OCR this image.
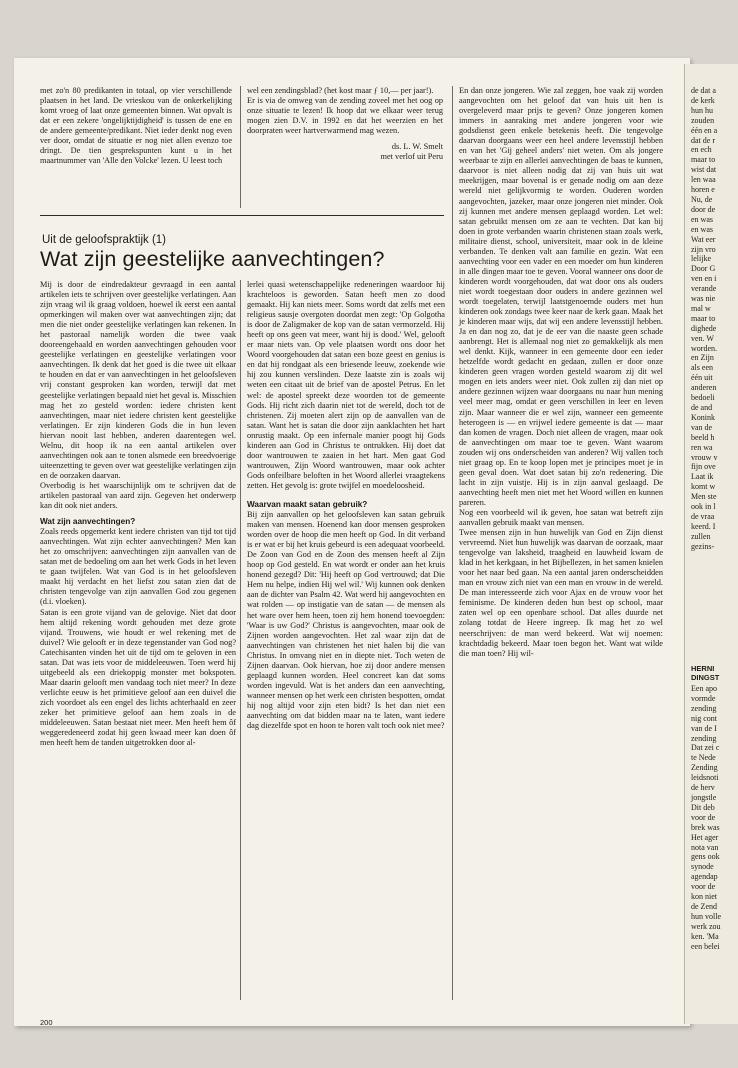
de dat a

de kerk

hun hu

zouden

één en a

dat de r

en ech

maar to

wist dat

len waa

horen e

Nu, de

door de

en was

en was

Wat eer

zijn vro

lelijke

Door G

ven en i

verande

was nie

mal w

maar to

dighede

ven. W

worden.

en Zijn

als een

één uit

anderen

bedoeli

de and

Konink

van de

beeld h

ren wa

vrouw v

fijn ove

Laat ik

komt w

Men ste

ook in l

de vraa

keerd. I

zullen

gezins-

HERNI DINGST

Een apo

vormde

zending

nig cont

van de I

zending

Dat zei c

te Nede

Zending

leidsnoti

de herv

jongstle

Dit deb

voor de

brek was

Het ager

nota van

gens ook

synode

agendap

voor de

kon niet

de Zend

hun volle

werk zou

ken. 'Ma

een belei

met zo'n 80 predikanten in totaal, op vier verschillende plaatsen in het land. De vrieskou van de onkerkelijking komt vroeg of laat onze gemeenten binnen. Wat opvalt is dat er een zekere 'ongelijktijdigheid' is tussen de ene en de andere gemeente/predikant. Niet ieder denkt nog even ver door, omdat de situatie er nog niet allen evenzo toe dringt. De tien gesprekspunten kunt u in het maartnummer van 'Alle den Volcke' lezen. U leest toch

wel een zendingsblad? (het kost maar ƒ 10,— per jaar!).

Er is via de omweg van de zending zoveel met het oog op onze situatie te lezen! Ik hoop dat we elkaar weer terug mogen zien D.V. in 1992 en dat het weerzien en het doorpraten weer hartverwarmend mag wezen.

ds. L. W. Smelt

met verlof uit Peru

Uit de geloofspraktijk (1)
Wat zijn geestelijke aanvechtingen?

Mij is door de eindredakteur gevraagd in een aantal artikelen iets te schrijven over geestelijke verlatingen. Aan zijn vraag wil ik graag voldoen, hoewel ik eerst een aantal opmerkingen wil maken over wat aanvechtingen zijn; dat men die niet onder geestelijke verlatingen kan rekenen. In het pastoraal namelijk worden die twee vaak dooreengehaald en worden aanvechtingen gehouden voor geestelijke verlatingen en geestelijke verlatingen voor aanvechtingen. Ik denk dat het goed is die twee uit elkaar te houden en dat er van aanvechtingen in het geloofsleven vrij constant gesproken kan worden, terwijl dat met geestelijke verlatingen bepaald niet het geval is. Misschien mag het zo gesteld worden: iedere christen kent aanvechtingen, maar niet iedere christen kent geestelijke verlatingen. Er zijn kinderen Gods die in hun leven hiervan nooit last hebben, anderen daarentegen wel. Welnu, dit hoop ik na een aantal artikelen over aanvechtingen ook aan te tonen alsmede een breedvoerige uiteenzetting te geven over wat geestelijke verlatingen zijn en de oorzaken daarvan.

Overbodig is het waarschijnlijk om te schrijven dat de artikelen pastoraal van aard zijn. Gegeven het onderwerp kan dit ook niet anders.

Wat zijn aanvechtingen?

Zoals reeds opgemerkt kent iedere christen van tijd tot tijd aanvechtingen. Wat zijn echter aanvechtingen? Men kan het zo omschrijven: aanvechtingen zijn aanvallen van de satan met de bedoeling om aan het werk Gods in het leven te gaan twijfelen. Wat van God is in het geloofsleven maakt hij verdacht en het liefst zou satan zien dat de christen tengevolge van zijn aanvallen God zou gegenen (d.i. vloeken).

Satan is een grote vijand van de gelovige. Niet dat door hem altijd rekening wordt gehouden met deze grote vijand. Trouwens, wie houdt er wel rekening met de duivel? Wie gelooft er in deze tegenstander van God nog? Catechisanten vinden het uit de tijd om te geloven in een satan. Dat was iets voor de middeleeuwen. Toen werd hij uitgebeeld als een driekoppig monster met bokspoten. Maar daarin gelooft men vandaag toch niet meer? In deze verlichte eeuw is het primitieve geloof aan een duivel die zich voordoet als een engel des lichts achterhaald en zeer zeker het primitieve geloof aan hem zoals in de middeleeuwen. Satan bestaat niet meer. Men heeft hem ôf weggeredeneerd zodat hij geen kwaad meer kan doen ôf men heeft hem de tanden uitgetrokken door al-

lerlei quasi wetenschappelijke redeneringen waardoor hij krachteloos is geworden. Satan heeft men zo dood gemaakt. Hij kan niets meer. Soms wordt dat zelfs met een religieus sausje overgoten doordat men zegt: 'Op Golgotha is door de Zaligmaker de kop van de satan vermorzeld. Hij heeft op ons geen vat meer, want hij is dood.' Wel, gelooft er maar niets van. Op vele plaatsen wordt ons door het Woord voorgehouden dat satan een boze geest en genius is en dat hij rondgaat als een briesende leeuw, zoekende wie hij zou kunnen verslinden. Deze laatste zin is zoals wij weten een citaat uit de brief van de apostel Petrus. En let wel: de apostel spreekt deze woorden tot de gemeente Gods. Hij richt zich daarin niet tot de wereld, doch tot de christenen. Zij moeten alert zijn op de aanvallen van de satan. Want het is satan die door zijn aanklachten het hart onrustig maakt. Op een infernale manier poogt hij Gods kinderen aan God in Christus te ontrukken. Hij doet dat door wantrouwen te zaaien in het hart. Men gaat God wantrouwen, Zijn Woord wantrouwen, maar ook achter Gods onfeilbare beloften in het Woord allerlei vraagtekens zetten. Het gevolg is: grote twijfel en moedeloosheid.

Waarvan maakt satan gebruik?

Bij zijn aanvallen op het geloofsleven kan satan gebruik maken van mensen. Hoenend kan door mensen gesproken worden over de hoop die men heeft op God. In dit verband is er wat er bij het kruis gebeurd is een adequaat voorbeeld. De Zoon van God en de Zoon des mensen heeft al Zijn hoop op God gesteld. En wat wordt er onder aan het kruis honend gezegd? Dit: 'Hij heeft op God vertrouwd; dat Die Hem nu helpe, indien Hij wel wil.' Wij kunnen ook denken aan de dichter van Psalm 42. Wat werd hij aangevochten en wat rolden — op instigatie van de satan — de mensen als het ware over hem heen, toen zij hem honend toevoegden: 'Waar is uw God?' Christus is aangevochten, maar ook de Zijnen worden aangevochten. Het zal waar zijn dat de aanvechtingen van christenen het niet halen bij die van Christus. In omvang niet en in diepte niet. Toch weten de Zijnen daarvan. Ook hiervan, hoe zij door andere mensen geplaagd kunnen worden. Heel concreet kan dat soms worden ingevuld. Wat is het anders dan een aanvechting, wanneer mensen op het werk een christen bespotten, omdat hij nog altijd voor zijn eten bidt? Is het dan niet een aanvechting om dat bidden maar na te laten, want iedere dag diezelfde spot en hoon te horen valt toch ook niet mee?

En dan onze jongeren. Wie zal zeggen, hoe vaak zij worden aangevochten om het geloof dat van huis uit hen is overgeleverd maar prijs te geven? Onze jongeren komen immers in aanraking met andere jongeren voor wie godsdienst geen enkele betekenis heeft. Die tengevolge daarvan doorgaans weer een heel andere levensstijl hebben en van het 'Gij geheel anders' niet weten. Om als jongere weerbaar te zijn en allerlei aanvechtingen de baas te kunnen, daarvoor is niet alleen nodig dat zij van huis uit wat meekrijgen, maar bovenal is er genade nodig om aan deze wereld niet gelijkvormig te worden. Ouderen worden aangevochten, jazeker, maar onze jongeren niet minder. Ook zij kunnen met andere mensen geplaagd worden. Let wel: satan gebruikt mensen om ze aan te vechten. Dat kan bij doen in grote verbanden waarin christenen staan zoals werk, militaire dienst, school, universiteit, maar ook in de kleine verbanden. Te denken valt aan familie en gezin. Wat een aanvechting voor een vader en een moeder om hun kinderen in alle dingen maar toe te geven. Vooral wanneer ons door de kinderen wordt voorgehouden, dat wat door ons als ouders niet wordt toegestaan door ouders in andere gezinnen wel wordt toegelaten, terwijl laatstgenoemde ouders met hun kinderen ook zondags twee keer naar de kerk gaan. Maak het je kinderen maar wijs, dat wij een andere levensstijl hebben. Ja en dan nog zo, dat je de eer van die naaste geen schade aanbrengt. Het is allemaal nog niet zo gemakkelijk als men wel denkt. Kijk, wanneer in een gemeente door een ieder hetzelfde wordt gedacht en gedaan, zullen er door onze kinderen geen vragen worden gesteld waarom zij dit wel mogen en iets anders weer niet. Ook zullen zij dan niet op andere gezinnen wijzen waar doorgaans nu naar hun mening veel meer mag, omdat er geen verschillen in leer en leven zijn. Maar wanneer die er wel zijn, wanneer een gemeente heterogeen is — en vrijwel iedere gemeente is dat — maar dan komen de vragen. Doch niet alleen de vragen, maar ook de aanvechtingen om maar toe te geven. Want waarom zouden wij ons onderscheiden van anderen? Wij vallen toch niet graag op. En te koop lopen met je principes moet je in geen geval doen. Wat doet satan bij zo'n redenering. Die lacht in zijn vuistje. Hij is in zijn aanval geslaagd. De aanvechting heeft men niet met het Woord willen en kunnen pareren.

Nog een voorbeeld wil ik geven, hoe satan wat betreft zijn aanvallen gebruik maakt van mensen.

Twee mensen zijn in hun huwelijk van God en Zijn dienst vervreemd. Niet hun huwelijk was daarvan de oorzaak, maar tengevolge van laksheid, traagheid en lauwheid kwam de klad in het kerkgaan, in het Bijbellezen, in het samen knielen voor het naar bed gaan. Na een aantal jaren onderscheidden man en vrouw zich niet van een man en vrouw in de wereld. De man interesseerde zich voor Ajax en de vrouw voor het feminisme. De kinderen deden hun best op school, maar zaten wel op een openbare school. Dat alles duurde net zolang totdat de Heere ingreep. Ik mag het zo wel neerschrijven: de man werd bekeerd. Wat wij noemen: krachtdadig bekeerd. Maar toen begon het. Want wat wilde die man toen? Hij wil-

200
